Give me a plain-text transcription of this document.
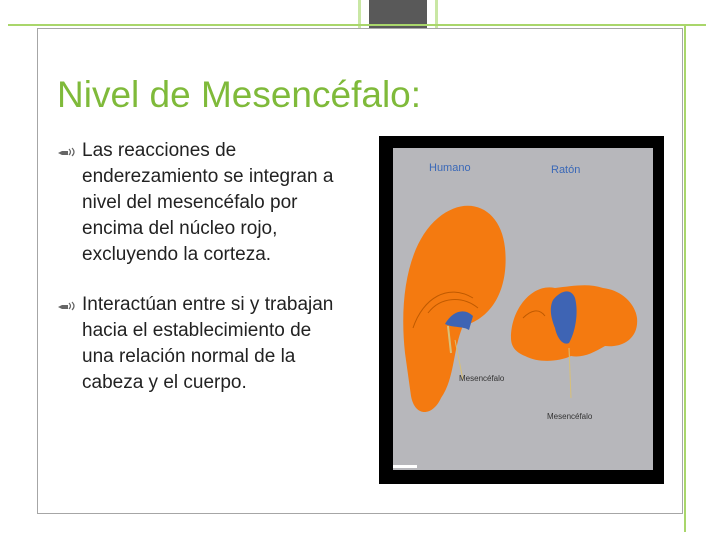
Nivel de Mesencéfalo:
Las reacciones de enderezamiento se integran a nivel del mesencéfalo por encima del núcleo rojo, excluyendo la corteza.
Interactúan entre si y trabajan hacia el establecimiento de una relación normal de la cabeza y el cuerpo.
Humano	Ratón
Mesencéfalo
Mesencéfalo
